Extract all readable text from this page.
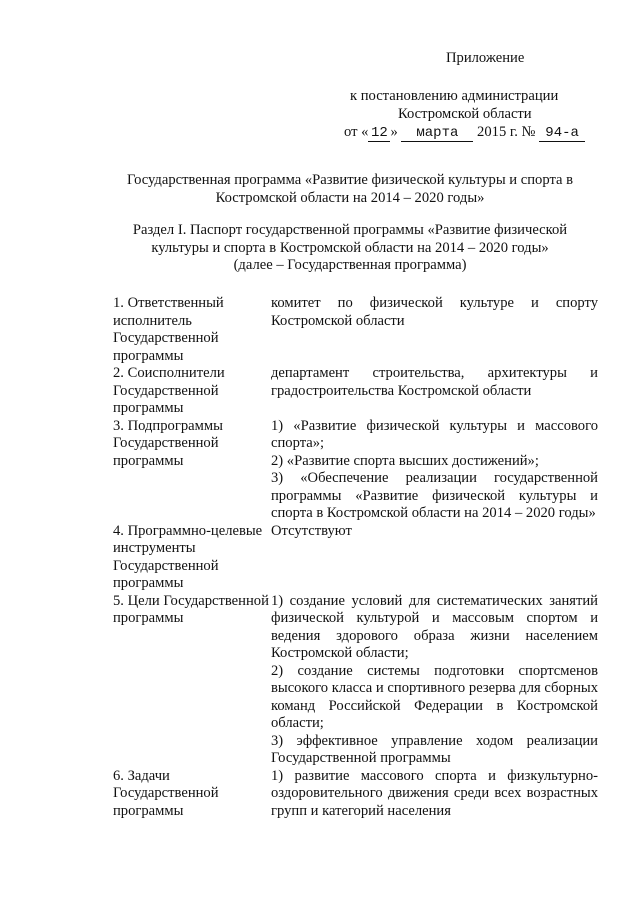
Приложение
к постановлению администрации
Костромской области
от « 12 » марта 2015 г. № 94-а
Государственная программа «Развитие физической культуры и спорта в
Костромской области на 2014 – 2020 годы»
Раздел I. Паспорт государственной программы «Развитие физической
культуры и спорта в Костромской области на 2014 – 2020 годы»
(далее – Государственная программа)
1. Ответственный исполнитель Государственной программы

комитет по физической культуре и спорту Костромской области

2. Соисполнители Государственной программы

департамент строительства, архитектуры и градостроительства Костромской области

3. Подпрограммы Государственной программы

1) «Развитие физической культуры и массового спорта»;

2) «Развитие спорта высших достижений»;

3) «Обеспечение реализации государственной программы «Развитие физической культуры и спорта в Костромской области на 2014 – 2020 годы»

4. Программно-целевые инструменты Государственной программы

Отсутствуют

5. Цели Государственной программы

1) создание условий для систематических занятий физической культурой и массовым спортом и ведения здорового образа жизни населением Костромской области;

2) создание системы подготовки спортсменов высокого класса и спортивного резерва для сборных команд Российской Федерации в Костромской области;

3) эффективное управление ходом реализации Государственной программы

6. Задачи Государственной программы

1) развитие массового спорта и физкультурно-оздоровительного движения среди всех возрастных групп и категорий населения
